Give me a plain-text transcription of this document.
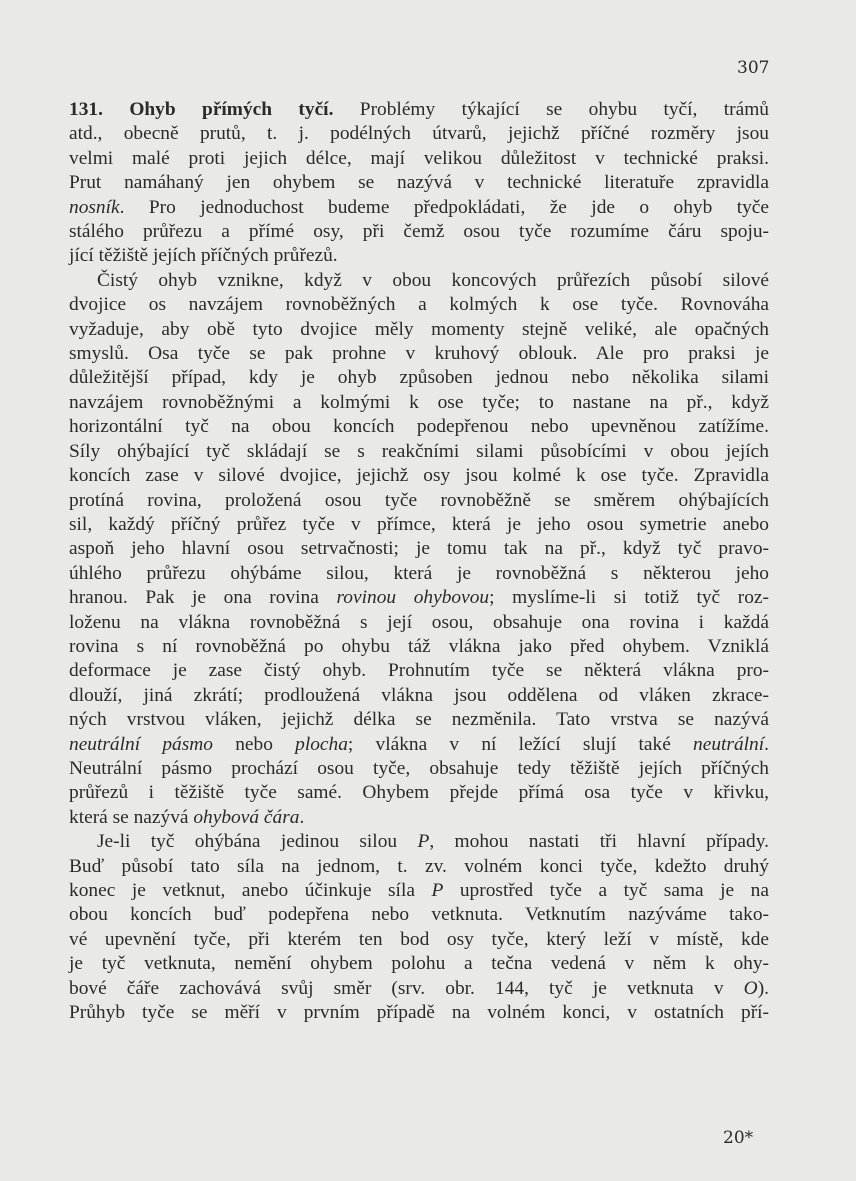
307
131. Ohyb přímých tyčí. Problémy týkající se ohybu tyčí, trámů
atd., obecně prutů, t. j. podélných útvarů, jejichž příčné rozměry jsou
velmi malé proti jejich délce, mají velikou důležitost v technické praksi.
Prut namáhaný jen ohybem se nazývá v technické literatuře zpravidla
nosník. Pro jednoduchost budeme předpokládati, že jde o ohyb tyče
stálého průřezu a přímé osy, při čemž osou tyče rozumíme čáru spoju-
jící těžiště jejích příčných průřezů.
Čistý ohyb vznikne, když v obou koncových průřezích působí silové
dvojice os navzájem rovnoběžných a kolmých k ose tyče. Rovnováha
vyžaduje, aby obě tyto dvojice měly momenty stejně veliké, ale opačných
smyslů. Osa tyče se pak prohne v kruhový oblouk. Ale pro praksi je
důležitější případ, kdy je ohyb způsoben jednou nebo několika silami
navzájem rovnoběžnými a kolmými k ose tyče; to nastane na př., když
horizontální tyč na obou koncích podepřenou nebo upevněnou zatížíme.
Síly ohýbající tyč skládají se s reakčními silami působícími v obou jejích
koncích zase v silové dvojice, jejichž osy jsou kolmé k ose tyče. Zpravidla
protíná rovina, proložená osou tyče rovnoběžně se směrem ohýbajících
sil, každý příčný průřez tyče v přímce, která je jeho osou symetrie anebo
aspoň jeho hlavní osou setrvačnosti; je tomu tak na př., když tyč pravo-
úhlého průřezu ohýbáme silou, která je rovnoběžná s některou jeho
hranou. Pak je ona rovina rovinou ohybovou; myslíme-li si totiž tyč roz-
loženu na vlákna rovnoběžná s její osou, obsahuje ona rovina i každá
rovina s ní rovnoběžná po ohybu táž vlákna jako před ohybem. Vzniklá
deformace je zase čistý ohyb. Prohnutím tyče se některá vlákna pro-
dlouží, jiná zkrátí; prodloužená vlákna jsou oddělena od vláken zkrace-
ných vrstvou vláken, jejichž délka se nezměnila. Tato vrstva se nazývá
neutrální pásmo nebo plocha; vlákna v ní ležící slují také neutrální.
Neutrální pásmo prochází osou tyče, obsahuje tedy těžiště jejích příčných
průřezů i těžiště tyče samé. Ohybem přejde přímá osa tyče v křivku,
která se nazývá ohybová čára.
Je-li tyč ohýbána jedinou silou P, mohou nastati tři hlavní případy.
Buď působí tato síla na jednom, t. zv. volném konci tyče, kdežto druhý
konec je vetknut, anebo účinkuje síla P uprostřed tyče a tyč sama je na
obou koncích buď podepřena nebo vetknuta. Vetknutím nazýváme tako-
vé upevnění tyče, při kterém ten bod osy tyče, který leží v místě, kde
je tyč vetknuta, nemění ohybem polohu a tečna vedená v něm k ohy-
bové čáře zachovává svůj směr (srv. obr. 144, tyč je vetknuta v O).
Průhyb tyče se měří v prvním případě na volném konci, v ostatních pří-
20*
